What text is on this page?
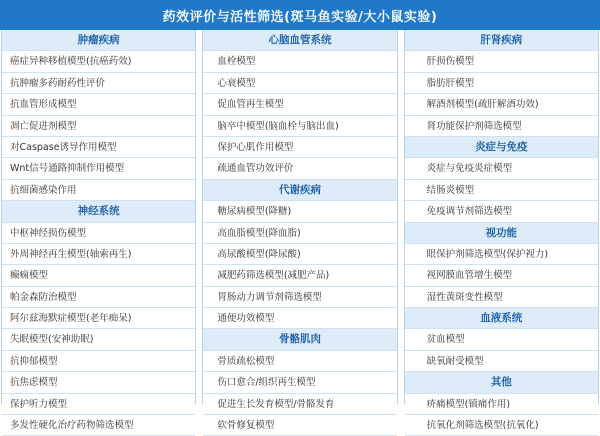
药效评价与活性筛选(斑马鱼实验/大小鼠实验)
肿瘤疾病
癌症异种移植模型(抗癌药效)
抗肿瘤多药耐药性评价
抗血管形成模型
凋亡促进剂模型
对Caspase诱导作用模型
Wnt信号通路抑制作用模型
抗细菌感染作用
神经系统
中枢神经损伤模型
外周神经再生模型(轴索再生)
癫痫模型
帕金森防治模型
阿尔兹海默症模型(老年痴呆)
失眠模型(安神助眠)
抗抑郁模型
抗焦虑模型
保护听力模型
多发性硬化治疗药物筛选模型
心脑血管系统
血栓模型
心衰模型
促血管再生模型
脑卒中模型(脑血栓与脑出血)
保护心肌作用模型
疏通血管功效评价
代谢疾病
糖尿病模型(降糖)
高血脂模型(降血脂)
高尿酸模型(降尿酸)
减肥药筛选模型(减肥产品)
胃肠动力调节剂筛选模型
通便功效模型
骨骼肌肉
骨质疏松模型
伤口愈合/组织再生模型
促进生长发育模型/骨骼发育
软骨修复模型
肝肾疾病
肝损伤模型
脂肪肝模型
解酒剂模型(疏肝解酒功效)
肾功能保护剂筛选模型
炎症与免疫
炎症与免疫炎症模型
结肠炎模型
免疫调节剂筛选模型
视功能
眼保护剂筛选模型(保护视力)
视网膜血管增生模型
湿性黄斑变性模型
血液系统
贫血模型
缺氧耐受模型
其他
疥痛模型(镇痛作用)
抗氧化剂筛选模型(抗氧化)
